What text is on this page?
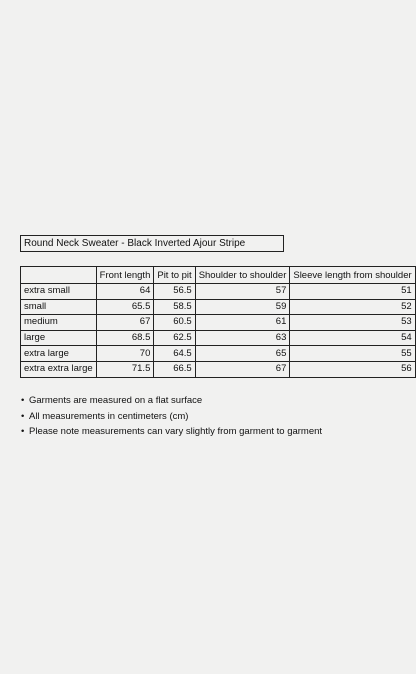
Round Neck Sweater - Black Inverted Ajour Stripe
	Front length	Pit to pit	Shoulder to shoulder	Sleeve length from shoulder
extra small	64	56.5	57	51
small	65.5	58.5	59	52
medium	67	60.5	61	53
large	68.5	62.5	63	54
extra large	70	64.5	65	55
extra extra large	71.5	66.5	67	56
• Garments are measured on a flat surface
• All measurements in centimeters (cm)
• Please note measurements can vary slightly from garment to garment
